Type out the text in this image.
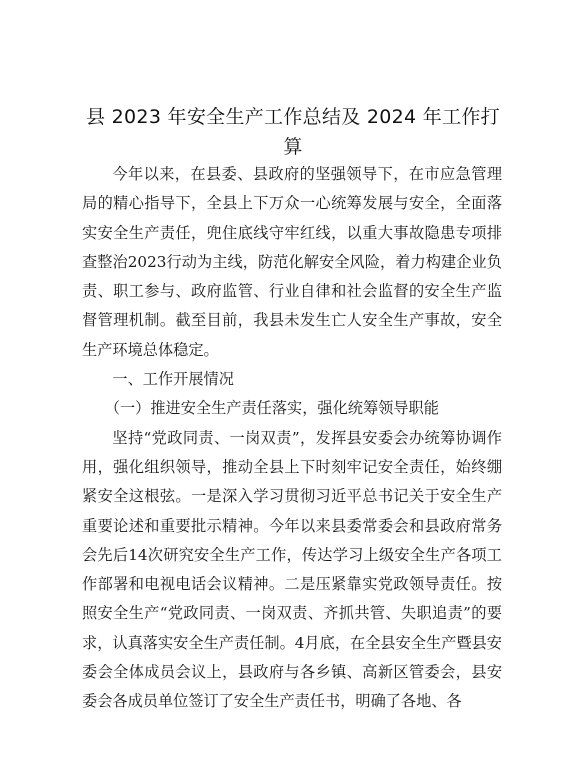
县 2023 年安全生产工作总结及 2024 年工作打算

今年以来，在县委、县政府的坚强领导下，在市应急管理局的精心指导下，全县上下万众一心统筹发展与安全，全面落实安全生产责任，兜住底线守牢红线，以重大事故隐患专项排查整治2023行动为主线，防范化解安全风险，着力构建企业负责、职工参与、政府监管、行业自律和社会监督的安全生产监督管理机制。截至目前，我县未发生亡人安全生产事故，安全生产环境总体稳定。

一、工作开展情况

（一）推进安全生产责任落实，强化统筹领导职能

坚持“党政同责、一岗双责”，发挥县安委会办统筹协调作用，强化组织领导，推动全县上下时刻牢记安全责任，始终绷紧安全这根弦。一是深入学习贯彻习近平总书记关于安全生产重要论述和重要批示精神。今年以来县委常委会和县政府常务会先后14次研究安全生产工作，传达学习上级安全生产各项工作部署和电视电话会议精神。二是压紧靠实党政领导责任。按照安全生产“党政同责、一岗双责、齐抓共管、失职追责”的要求，认真落实安全生产责任制。4月底，在全县安全生产暨县安委会全体成员会议上，县政府与各乡镇、高新区管委会，县安委会各成员单位签订了安全生产责任书，明确了各地、各
